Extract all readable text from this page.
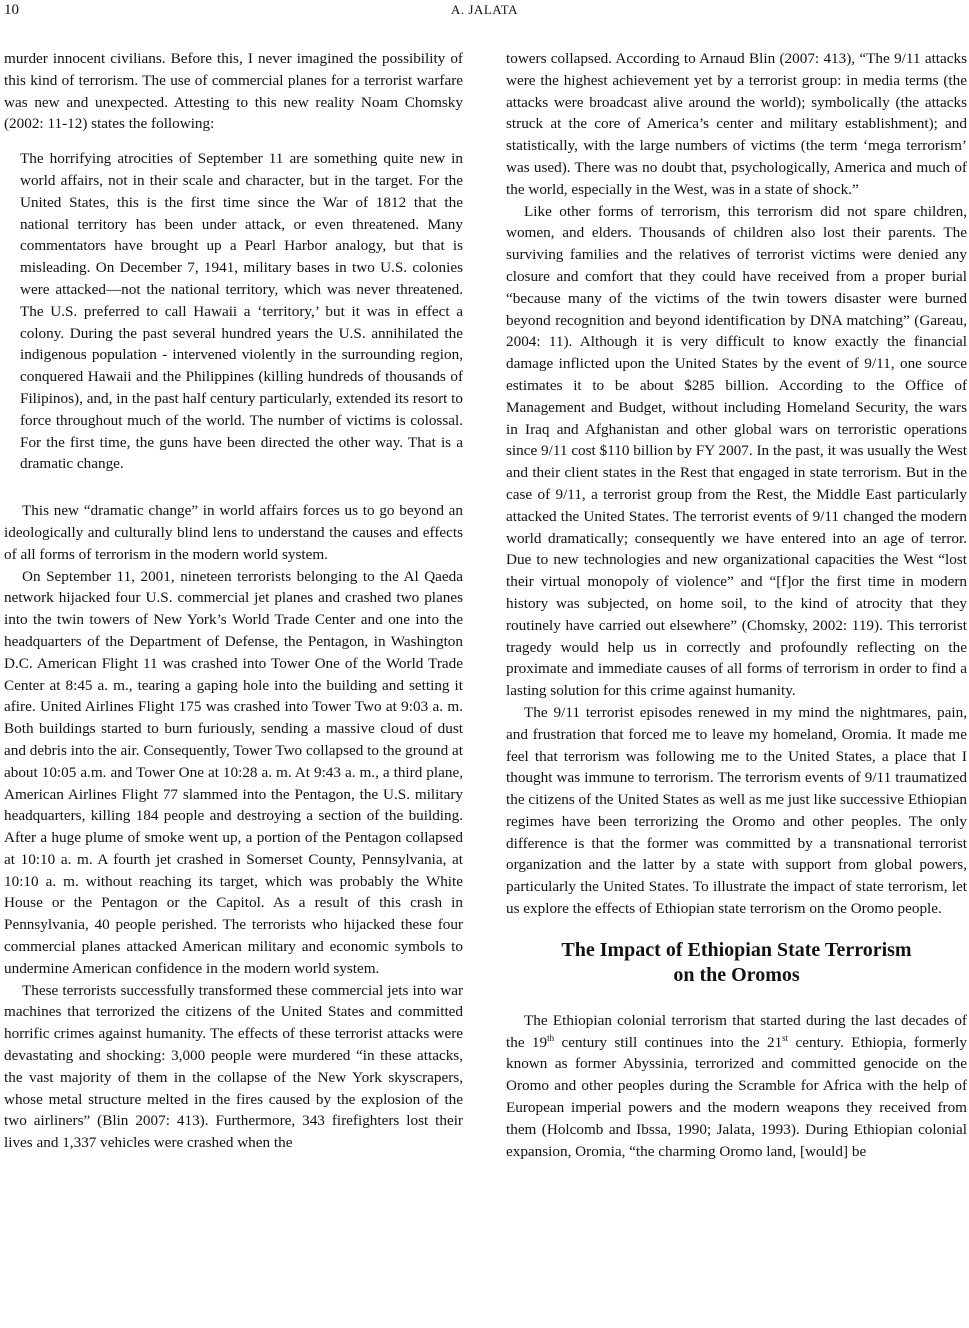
10	A. JALATA

murder innocent civilians. Before this, I never imagined the possibility of this kind of terrorism. The use of commercial planes for a terrorist warfare was new and unexpected. Attesting to this new reality Noam Chomsky (2002: 11-12) states the following:

The horrifying atrocities of September 11 are something quite new in world affairs, not in their scale and character, but in the target. For the United States, this is the first time since the War of 1812 that the national territory has been under attack, or even threatened. Many commentators have brought up a Pearl Harbor analogy, but that is misleading. On December 7, 1941, military bases in two U.S. colonies were attacked—not the national territory, which was never threatened. The U.S. preferred to call Hawaii a ‘territory,’ but it was in effect a colony. During the past several hundred years the U.S. annihilated the indigenous population - intervened violently in the surrounding region, conquered Hawaii and the Philippines (killing hundreds of thousands of Filipinos), and, in the past half century particularly, extended its resort to force throughout much of the world. The number of victims is colossal. For the first time, the guns have been directed the other way. That is a dramatic change.

This new “dramatic change” in world affairs forces us to go beyond an ideologically and culturally blind lens to understand the causes and effects of all forms of terrorism in the modern world system.

On September 11, 2001, nineteen terrorists belonging to the Al Qaeda network hijacked four U.S. commercial jet planes and crashed two planes into the twin towers of New York’s World Trade Center and one into the headquarters of the Department of Defense, the Pentagon, in Washington D.C. American Flight 11 was crashed into Tower One of the World Trade Center at 8:45 a. m., tearing a gaping hole into the building and setting it afire. United Airlines Flight 175 was crashed into Tower Two at 9:03 a. m. Both buildings started to burn furiously, sending a massive cloud of dust and debris into the air. Consequently, Tower Two collapsed to the ground at about 10:05 a.m. and Tower One at 10:28 a. m. At 9:43 a. m., a third plane, American Airlines Flight 77 slammed into the Pentagon, the U.S. military headquarters, killing 184 people and destroying a section of the building. After a huge plume of smoke went up, a portion of the Pentagon collapsed at 10:10 a. m. A fourth jet crashed in Somerset County, Pennsylvania, at 10:10 a. m. without reaching its target, which was probably the White House or the Pentagon or the Capitol. As a result of this crash in Pennsylvania, 40 people perished. The terrorists who hijacked these four commercial planes attacked American military and economic symbols to undermine American confidence in the modern world system.

These terrorists successfully transformed these commercial jets into war machines that terrorized the citizens of the United States and committed horrific crimes against humanity. The effects of these terrorist attacks were devastating and shocking: 3,000 people were murdered “in these attacks, the vast majority of them in the collapse of the New York skyscrapers, whose metal structure melted in the fires caused by the explosion of the two airliners” (Blin 2007: 413). Furthermore, 343 firefighters lost their lives and 1,337 vehicles were crashed when the

towers collapsed. According to Arnaud Blin (2007: 413), “The 9/11 attacks were the highest achievement yet by a terrorist group: in media terms (the attacks were broadcast alive around the world); symbolically (the attacks struck at the core of America’s center and military establishment); and statistically, with the large numbers of victims (the term ‘mega terrorism’ was used). There was no doubt that, psychologically, America and much of the world, especially in the West, was in a state of shock.”

Like other forms of terrorism, this terrorism did not spare children, women, and elders. Thousands of children also lost their parents. The surviving families and the relatives of terrorist victims were denied any closure and comfort that they could have received from a proper burial “because many of the victims of the twin towers disaster were burned beyond recognition and beyond identification by DNA matching” (Gareau, 2004: 11). Although it is very difficult to know exactly the financial damage inflicted upon the United States by the event of 9/11, one source estimates it to be about $285 billion. According to the Office of Management and Budget, without including Homeland Security, the wars in Iraq and Afghanistan and other global wars on terroristic operations since 9/11 cost $110 billion by FY 2007. In the past, it was usually the West and their client states in the Rest that engaged in state terrorism. But in the case of 9/11, a terrorist group from the Rest, the Middle East particularly attacked the United States. The terrorist events of 9/11 changed the modern world dramatically; consequently we have entered into an age of terror. Due to new technologies and new organizational capacities the West “lost their virtual monopoly of violence” and “[f]or the first time in modern history was subjected, on home soil, to the kind of atrocity that they routinely have carried out elsewhere” (Chomsky, 2002: 119). This terrorist tragedy would help us in correctly and profoundly reflecting on the proximate and immediate causes of all forms of terrorism in order to find a lasting solution for this crime against humanity.

The 9/11 terrorist episodes renewed in my mind the nightmares, pain, and frustration that forced me to leave my homeland, Oromia. It made me feel that terrorism was following me to the United States, a place that I thought was immune to terrorism. The terrorism events of 9/11 traumatized the citizens of the United States as well as me just like successive Ethiopian regimes have been terrorizing the Oromo and other peoples. The only difference is that the former was committed by a transnational terrorist organization and the latter by a state with support from global powers, particularly the United States. To illustrate the impact of state terrorism, let us explore the effects of Ethiopian state terrorism on the Oromo people.

The Impact of Ethiopian State Terrorism
on the Oromos

The Ethiopian colonial terrorism that started during the last decades of the 19th century still continues into the 21st century. Ethiopia, formerly known as former Abyssinia, terrorized and committed genocide on the Oromo and other peoples during the Scramble for Africa with the help of European imperial powers and the modern weapons they received from them (Holcomb and Ibssa, 1990; Jalata, 1993). During Ethiopian colonial expansion, Oromia, “the charming Oromo land, [would] be
